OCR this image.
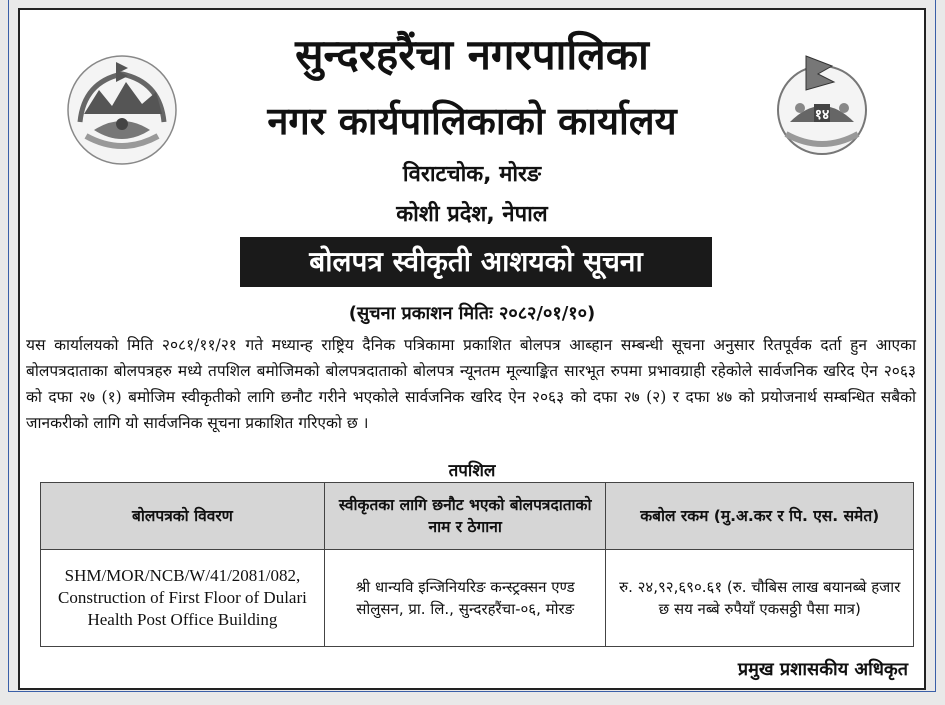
१४
सुन्दरहरैंचा नगरपालिका
नगर कार्यपालिकाको कार्यालय
विराटचोक, मोरङ
कोशी प्रदेश, नेपाल
बोलपत्र स्वीकृती आशयको सूचना
(सुचना प्रकाशन मितिः २०८२/०१/१०)
यस कार्यालयको मिति २०८१/११/२१ गते मध्यान्ह राष्ट्रिय दैनिक पत्रिकामा प्रकाशित बोलपत्र आब्हान सम्बन्धी सूचना अनुसार रितपूर्वक दर्ता हुन आएका बोलपत्रदाताका बोलपत्रहरु मध्ये तपशिल बमोजिमको बोलपत्रदाताको बोलपत्र न्यूनतम मूल्याङ्कित सारभूत रुपमा प्रभावग्राही रहेकोले सार्वजनिक खरिद ऐन २०६३ को दफा २७ (१) बमोजिम स्वीकृतीको लागि छनौट गरीने भएकोले सार्वजनिक खरिद ऐन २०६३ को दफा २७ (२) र दफा ४७ को प्रयोजनार्थ सम्बन्धित सबैको जानकरीको लागि यो सार्वजनिक सूचना प्रकाशित गरिएको छ ।
तपशिल
बोलपत्रको विवरण	स्वीकृतका लागि छनौट भएको बोलपत्रदाताको नाम र ठेगाना	कबोल रकम (मु.अ.कर र पि. एस. समेत)
SHM/MOR/NCB/W/41/2081/082, Construction of First Floor of Dulari Health Post Office Building	श्री धान्यवि इन्जिनियरिङ कन्स्ट्रक्सन एण्ड सोलुसन, प्रा. लि., सुन्दरहरैंचा-०६, मोरङ	रु. २४,९२,६९०.६१ (रु. चौबिस लाख बयानब्बे हजार छ सय नब्बे रुपैयाँ एकसठ्ठी पैसा मात्र)
प्रमुख प्रशासकीय अधिकृत
